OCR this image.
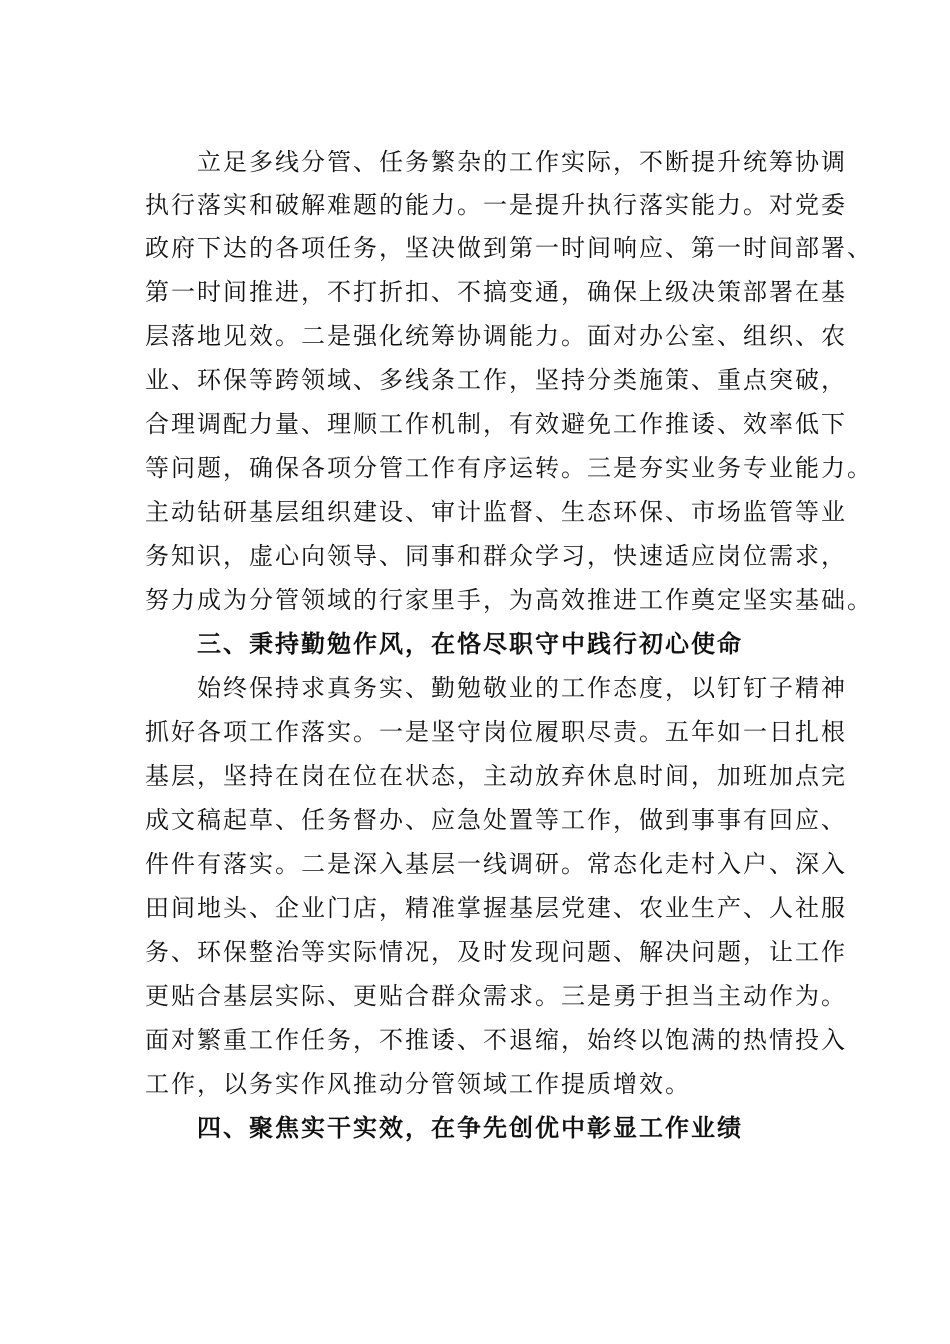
　　立足多线分管、任务繁杂的工作实际，不断提升统筹协调
执行落实和破解难题的能力。一是提升执行落实能力。对党委
政府下达的各项任务，坚决做到第一时间响应、第一时间部署、
第一时间推进，不打折扣、不搞变通，确保上级决策部署在基
层落地见效。二是强化统筹协调能力。面对办公室、组织、农
业、环保等跨领域、多线条工作，坚持分类施策、重点突破，
合理调配力量、理顺工作机制，有效避免工作推诿、效率低下
等问题，确保各项分管工作有序运转。三是夯实业务专业能力。
主动钻研基层组织建设、审计监督、生态环保、市场监管等业
务知识，虚心向领导、同事和群众学习，快速适应岗位需求，
努力成为分管领域的行家里手，为高效推进工作奠定坚实基础。
　　三、秉持勤勉作风，在恪尽职守中践行初心使命
　　始终保持求真务实、勤勉敬业的工作态度，以钉钉子精神
抓好各项工作落实。一是坚守岗位履职尽责。五年如一日扎根
基层，坚持在岗在位在状态，主动放弃休息时间，加班加点完
成文稿起草、任务督办、应急处置等工作，做到事事有回应、
件件有落实。二是深入基层一线调研。常态化走村入户、深入
田间地头、企业门店，精准掌握基层党建、农业生产、人社服
务、环保整治等实际情况，及时发现问题、解决问题，让工作
更贴合基层实际、更贴合群众需求。三是勇于担当主动作为。
面对繁重工作任务，不推诿、不退缩，始终以饱满的热情投入
工作，以务实作风推动分管领域工作提质增效。
　　四、聚焦实干实效，在争先创优中彰显工作业绩
